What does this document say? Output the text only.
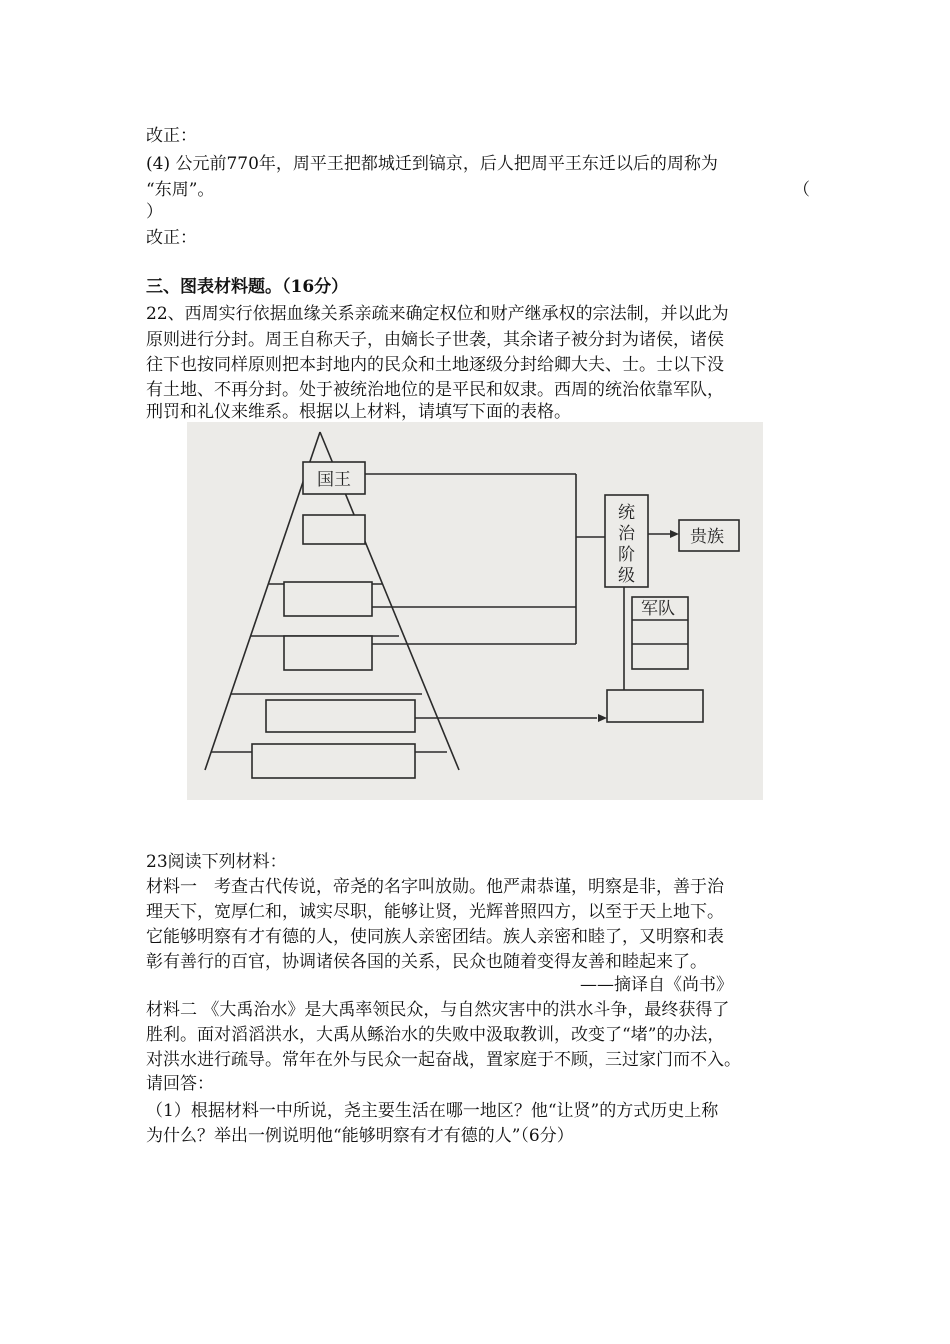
改正：
(4) 公元前770年，周平王把都城迁到镐京，后人把周平王东迁以后的周称为
“东周”。	（
）
改正：
三、图表材料题。（16分）
22、西周实行依据血缘关系亲疏来确定权位和财产继承权的宗法制，并以此为
原则进行分封。周王自称天子，由嫡长子世袭，其余诸子被分封为诸侯，诸侯
往下也按同样原则把本封地内的民众和土地逐级分封给卿大夫、士。士以下没
有土地、不再分封。处于被统治地位的是平民和奴隶。西周的统治依靠军队，
刑罚和礼仪来维系。根据以上材料，请填写下面的表格。
国王
贵族
军队
统治阶级
23阅读下列材料：
材料一　考查古代传说，帝尧的名字叫放勋。他严肃恭谨，明察是非，善于治
理天下，宽厚仁和，诚实尽职，能够让贤，光辉普照四方，以至于天上地下。
它能够明察有才有德的人，使同族人亲密团结。族人亲密和睦了，又明察和表
彰有善行的百官，协调诸侯各国的关系，民众也随着变得友善和睦起来了。
——摘译自《尚书》
材料二 《大禹治水》是大禹率领民众，与自然灾害中的洪水斗争，最终获得了
胜利。面对滔滔洪水，大禹从鲧治水的失败中汲取教训，改变了“堵”的办法，
对洪水进行疏导。常年在外与民众一起奋战，置家庭于不顾，三过家门而不入。
请回答：
（1）根据材料一中所说，尧主要生活在哪一地区？他“让贤”的方式历史上称
为什么？举出一例说明他“能够明察有才有德的人”（6分）
